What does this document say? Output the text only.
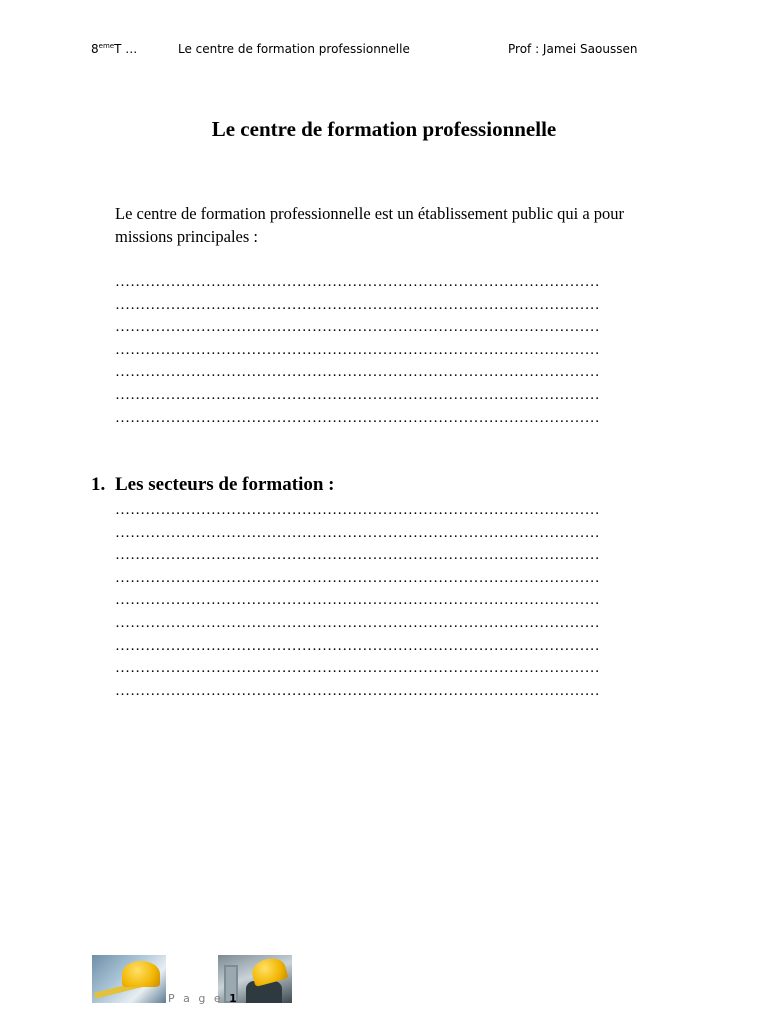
8emeT …	Le centre de formation professionnelle	Prof : Jamei Saoussen
Le centre de formation professionnelle
Le centre de formation professionnelle est un établissement public qui a pour missions principales :
……………………………………………………………………………………
……………………………………………………………………………………
……………………………………………………………………………………
……………………………………………………………………………………
……………………………………………………………………………………
……………………………………………………………………………………
……………………………………………………………………………………
1. Les secteurs de formation :
……………………………………………………………………………………
……………………………………………………………………………………
……………………………………………………………………………………
……………………………………………………………………………………
……………………………………………………………………………………
……………………………………………………………………………………
……………………………………………………………………………………
……………………………………………………………………………………
……………………………………………………………………………………
P a g e 1
